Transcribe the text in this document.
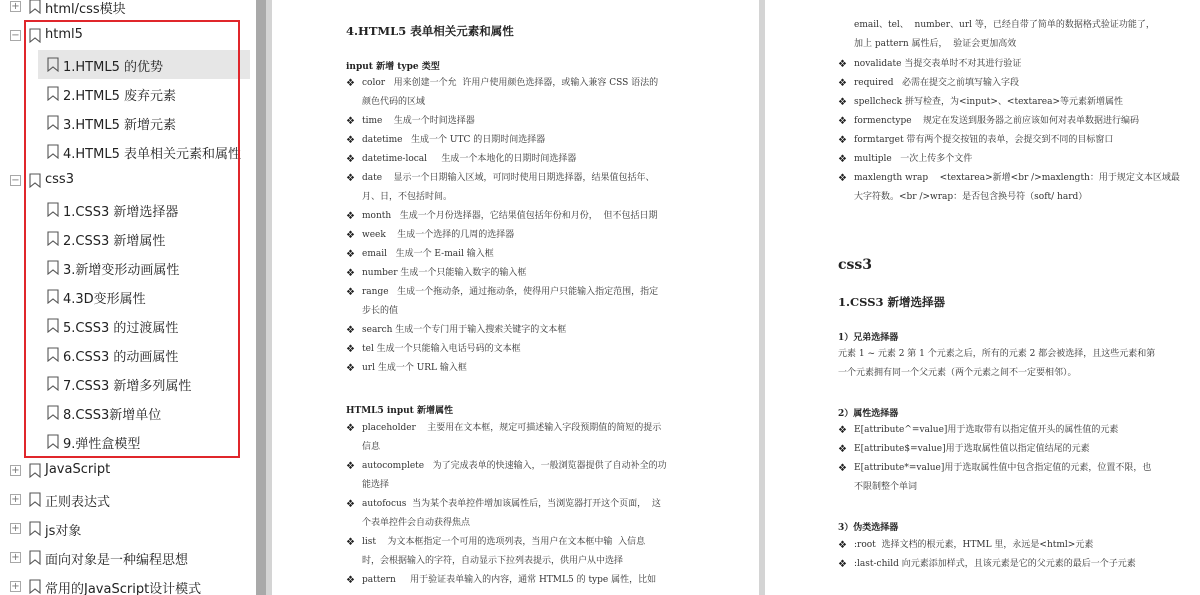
+ html/css模块
− html5
1.HTML5 的优势
2.HTML5 废弃元素
3.HTML5 新增元素
4.HTML5 表单相关元素和属性
− css3
1.CSS3 新增选择器
2.CSS3 新增属性
3.新增变形动画属性
4.3D变形属性
5.CSS3 的过渡属性
6.CSS3 的动画属性
7.CSS3 新增多列属性
8.CSS3新增单位
9.弹性盒模型
+ JavaScript
+ 正则表达式
+ js对象
+ 面向对象是一种编程思想
+ 常用的JavaScript设计模式
4.HTML5 表单相关元素和属性
input 新增 type 类型
❖ color   用来创建一个允  许用户使用颜色选择器，或输入兼容 CSS 语法的
颜色代码的区域
❖ time    生成一个时间选择器
❖ datetime   生成一个 UTC 的日期时间选择器
❖ datetime-local     生成一个本地化的日期时间选择器
❖ date    显示一个日期输入区域，可同时使用日期选择器，结果值包括年、
月、日，不包括时间。
❖ month   生成一个月份选择器，它结果值包括年份和月份，  但不包括日期
❖ week    生成一个选择的几周的选择器
❖ email   生成一个 E-mail 输入框
❖ number 生成一个只能输入数字的输入框
❖ range   生成一个拖动条，通过拖动条，使得用户只能输入指定范围，指定
步长的值
❖ search 生成一个专门用于输入搜索关键字的文本框
❖ tel 生成一个只能输入电话号码的文本框
❖ url 生成一个 URL 输入框
HTML5 input 新增属性
❖ placeholder    主要用在文本框，规定可描述输入字段预期值的简短的提示
信息
❖ autocomplete   为了完成表单的快速输入，一般浏览器提供了自动补全的功
能选择
❖ autofocus  当为某个表单控件增加该属性后，当浏览器打开这个页面，  这
个表单控件会自动获得焦点
❖ list    为文本框指定一个可用的选项列表，当用户在文本框中输  入信息
时，会根据输入的字符，自动显示下拉列表提示，供用户从中选择
❖ pattern     用于验证表单输入的内容，通常 HTML5 的 type 属性，比如
email、tel、  number、url 等，已经自带了简单的数据格式验证功能了，
加上 pattern 属性后，  验证会更加高效
❖ novalidate 当提交表单时不对其进行验证
❖ required   必需在提交之前填写输入字段
❖ spellcheck 拼写检查，为<input>、<textarea>等元素新增属性
❖ formenctype    规定在发送到服务器之前应该如何对表单数据进行编码
❖ formtarget 带有两个提交按钮的表单，会提交到不同的目标窗口
❖ multiple   一次上传多个文件
❖ maxlength wrap    <textarea>新增<br />maxlength：用于规定文本区域最
大字符数。<br />wrap：是否包含换号符（soft/ hard）
css3
1.CSS3 新增选择器
1）兄弟选择器
元素 1 ~ 元素 2 第 1 个元素之后，所有的元素 2 都会被选择，且这些元素和第
一个元素拥有同一个父元素（两个元素之间不一定要相邻）。
2）属性选择器
❖ E[attribute^=value]用于选取带有以指定值开头的属性值的元素
❖ E[attribute$=value]用于选取属性值以指定值结尾的元素
❖ E[attribute*=value]用于选取属性值中包含指定值的元素，位置不限，也
不限制整个单词
3）伪类选择器
❖ :root  选择文档的根元素，HTML 里，永远是<html>元素
❖ :last-child 向元素添加样式，且该元素是它的父元素的最后一个子元素
